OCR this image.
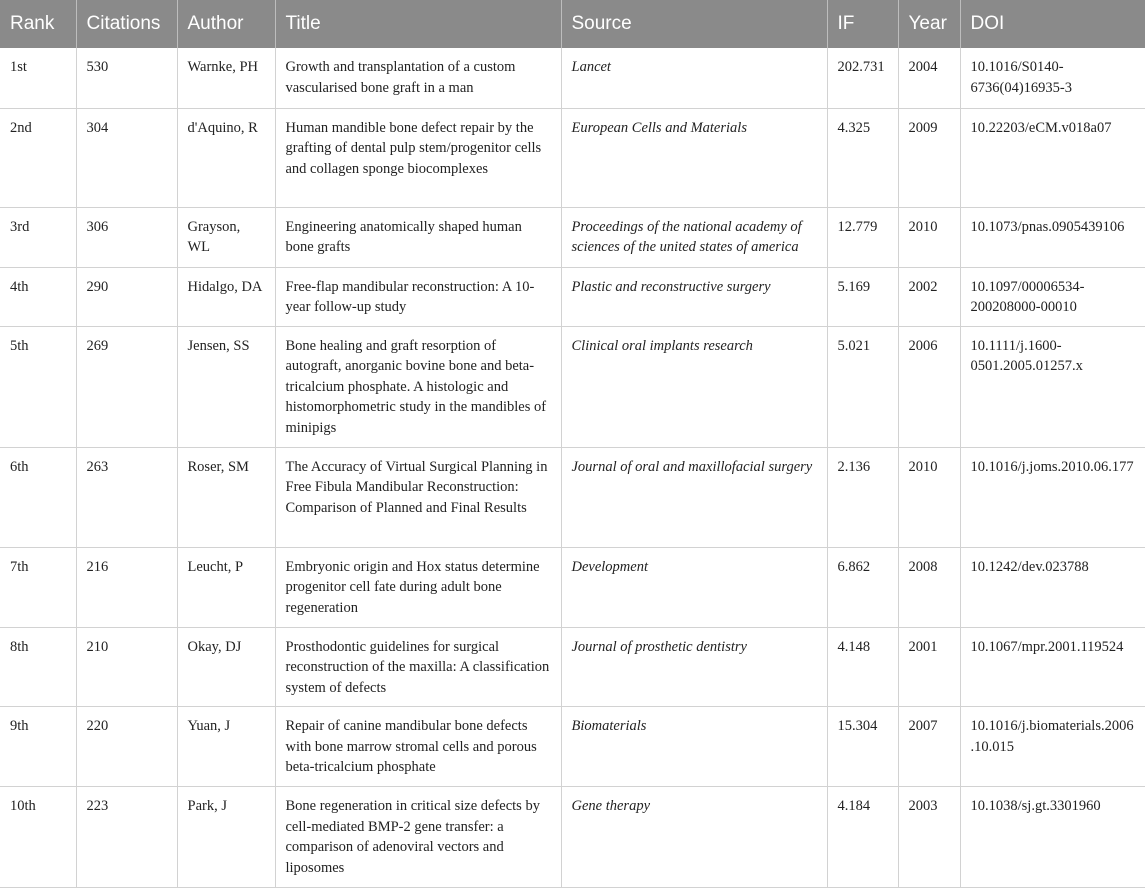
Rank	Citations	Author	Title	Source	IF	Year	DOI
1st	530	Warnke, PH	Growth and transplantation of a custom vascularised bone graft in a man	Lancet	202.731	2004	10.1016/S0140-6736(04)16935-3
2nd	304	d'Aquino, R	Human mandible bone defect repair by the grafting of dental pulp stem/progenitor cells and collagen sponge biocomplexes	European Cells and Materials	4.325	2009	10.22203/eCM.v018a07
3rd	306	Grayson, WL	Engineering anatomically shaped human bone grafts	Proceedings of the national academy of sciences of the united states of america	12.779	2010	10.1073/pnas.0905439106
4th	290	Hidalgo, DA	Free-flap mandibular reconstruction: A 10-year follow-up study	Plastic and reconstructive surgery	5.169	2002	10.1097/00006534-200208000-00010
5th	269	Jensen, SS	Bone healing and graft resorption of autograft, anorganic bovine bone and beta-tricalcium phosphate. A histologic and histomorphometric study in the mandibles of minipigs	Clinical oral implants research	5.021	2006	10.1111/j.1600-0501.2005.01257.x
6th	263	Roser, SM	The Accuracy of Virtual Surgical Planning in Free Fibula Mandibular Reconstruction: Comparison of Planned and Final Results	Journal of oral and maxillofacial surgery	2.136	2010	10.1016/j.joms.2010.06.177
7th	216	Leucht, P	Embryonic origin and Hox status determine progenitor cell fate during adult bone regeneration	Development	6.862	2008	10.1242/dev.023788
8th	210	Okay, DJ	Prosthodontic guidelines for surgical reconstruction of the maxilla: A classification system of defects	Journal of prosthetic dentistry	4.148	2001	10.1067/mpr.2001.119524
9th	220	Yuan, J	Repair of canine mandibular bone defects with bone marrow stromal cells and porous beta-tricalcium phosphate	Biomaterials	15.304	2007	10.1016/j.biomaterials.2006.10.015
10th	223	Park, J	Bone regeneration in critical size defects by cell-mediated BMP-2 gene transfer: a comparison of adenoviral vectors and liposomes	Gene therapy	4.184	2003	10.1038/sj.gt.3301960
